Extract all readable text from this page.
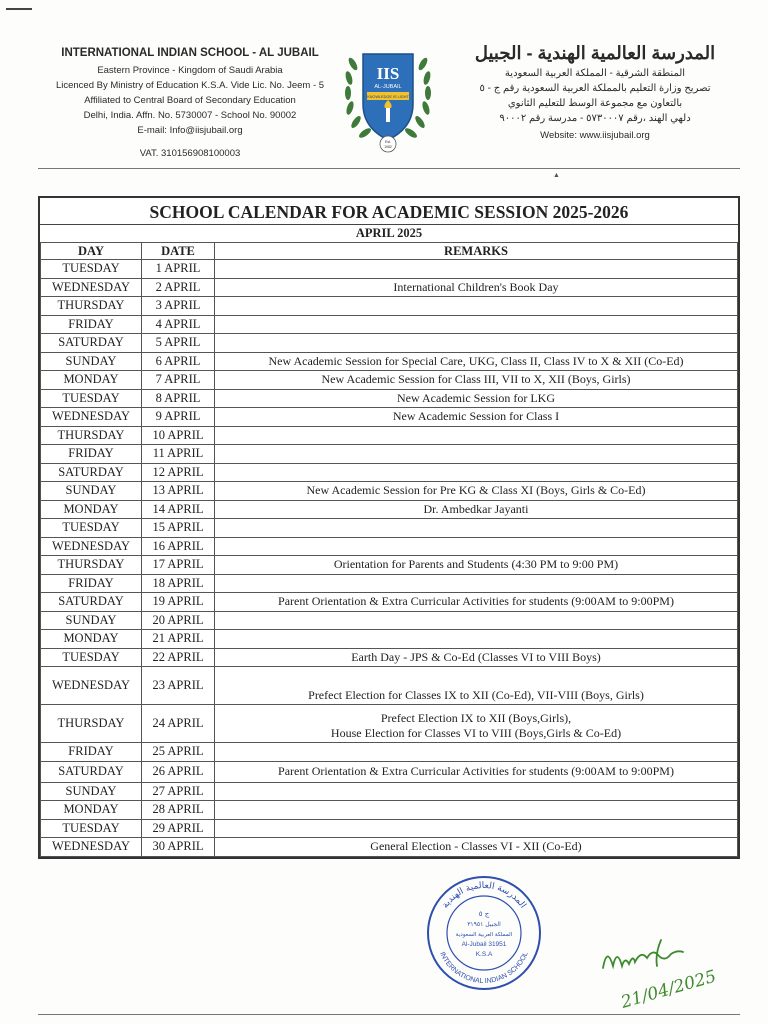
INTERNATIONAL INDIAN SCHOOL - AL JUBAIL
Eastern Province - Kingdom of Saudi Arabia
Licenced By Ministry of Education K.S.A. Vide Lic. No. Jeem - 5
Affiliated to Central Board of Secondary Education
Delhi, India. Affn. No. 5730007 - School No. 90002
E-mail: Info@iisjubail.org
VAT. 310156908100003
IIS
AL-JUBAIL
KNOWLEDGE IS LIGHT
Est.
1982
المدرسة العالمية الهندية - الجبيل
المنطقة الشرقية - المملكة العربية السعودية
تصريح وزارة التعليم بالمملكة العربية السعودية رقم ج - ٥
بالتعاون مع مجموعة الوسط للتعليم الثانوي
دلهي الهند ،رقم ٥٧٣٠٠٠٧ - مدرسة رقم ٩٠٠٠٢
Website: www.iisjubail.org
▲
SCHOOL CALENDAR FOR ACADEMIC SESSION 2025-2026
APRIL 2025
DAY	DATE	REMARKS
TUESDAY	1 APRIL	
WEDNESDAY	2 APRIL	International Children's Book Day
THURSDAY	3 APRIL	
FRIDAY	4 APRIL	
SATURDAY	5 APRIL	
SUNDAY	6 APRIL	New Academic Session for Special Care, UKG, Class II, Class IV to X & XII (Co-Ed)
MONDAY	7 APRIL	New Academic Session for Class III, VII to X, XII (Boys, Girls)
TUESDAY	8 APRIL	New Academic Session for LKG
WEDNESDAY	9 APRIL	New Academic Session for Class I
THURSDAY	10 APRIL	
FRIDAY	11 APRIL	
SATURDAY	12 APRIL	
SUNDAY	13 APRIL	New Academic Session for Pre KG & Class XI (Boys, Girls & Co-Ed)
MONDAY	14 APRIL	Dr. Ambedkar Jayanti
TUESDAY	15 APRIL	
WEDNESDAY	16 APRIL	
THURSDAY	17 APRIL	Orientation for Parents and Students (4:30 PM to 9:00 PM)
FRIDAY	18 APRIL	
SATURDAY	19 APRIL	Parent Orientation & Extra Curricular Activities for students (9:00AM to 9:00PM)
SUNDAY	20 APRIL	
MONDAY	21 APRIL	
TUESDAY	22 APRIL	Earth Day - JPS & Co-Ed (Classes VI to VIII Boys)
WEDNESDAY	23 APRIL	Prefect Election for Classes IX to XII (Co-Ed), VII-VIII (Boys, Girls)
THURSDAY	24 APRIL	Prefect Election IX to XII (Boys,Girls),
House Election for Classes VI to VIII (Boys,Girls & Co-Ed)

FRIDAY	25 APRIL	
SATURDAY	26 APRIL	Parent Orientation & Extra Curricular Activities for students (9:00AM to 9:00PM)
SUNDAY	27 APRIL	
MONDAY	28 APRIL	
TUESDAY	29 APRIL	
WEDNESDAY	30 APRIL	General Election - Classes VI - XII (Co-Ed)
المدرسة العالمية الهندية
INTERNATIONAL INDIAN SCHOOL
ج ٥
الجبيل ٣١٩٥١
المملكة العربية السعودية
Al-Jubail 31951
K.S.A
21/04/2025
